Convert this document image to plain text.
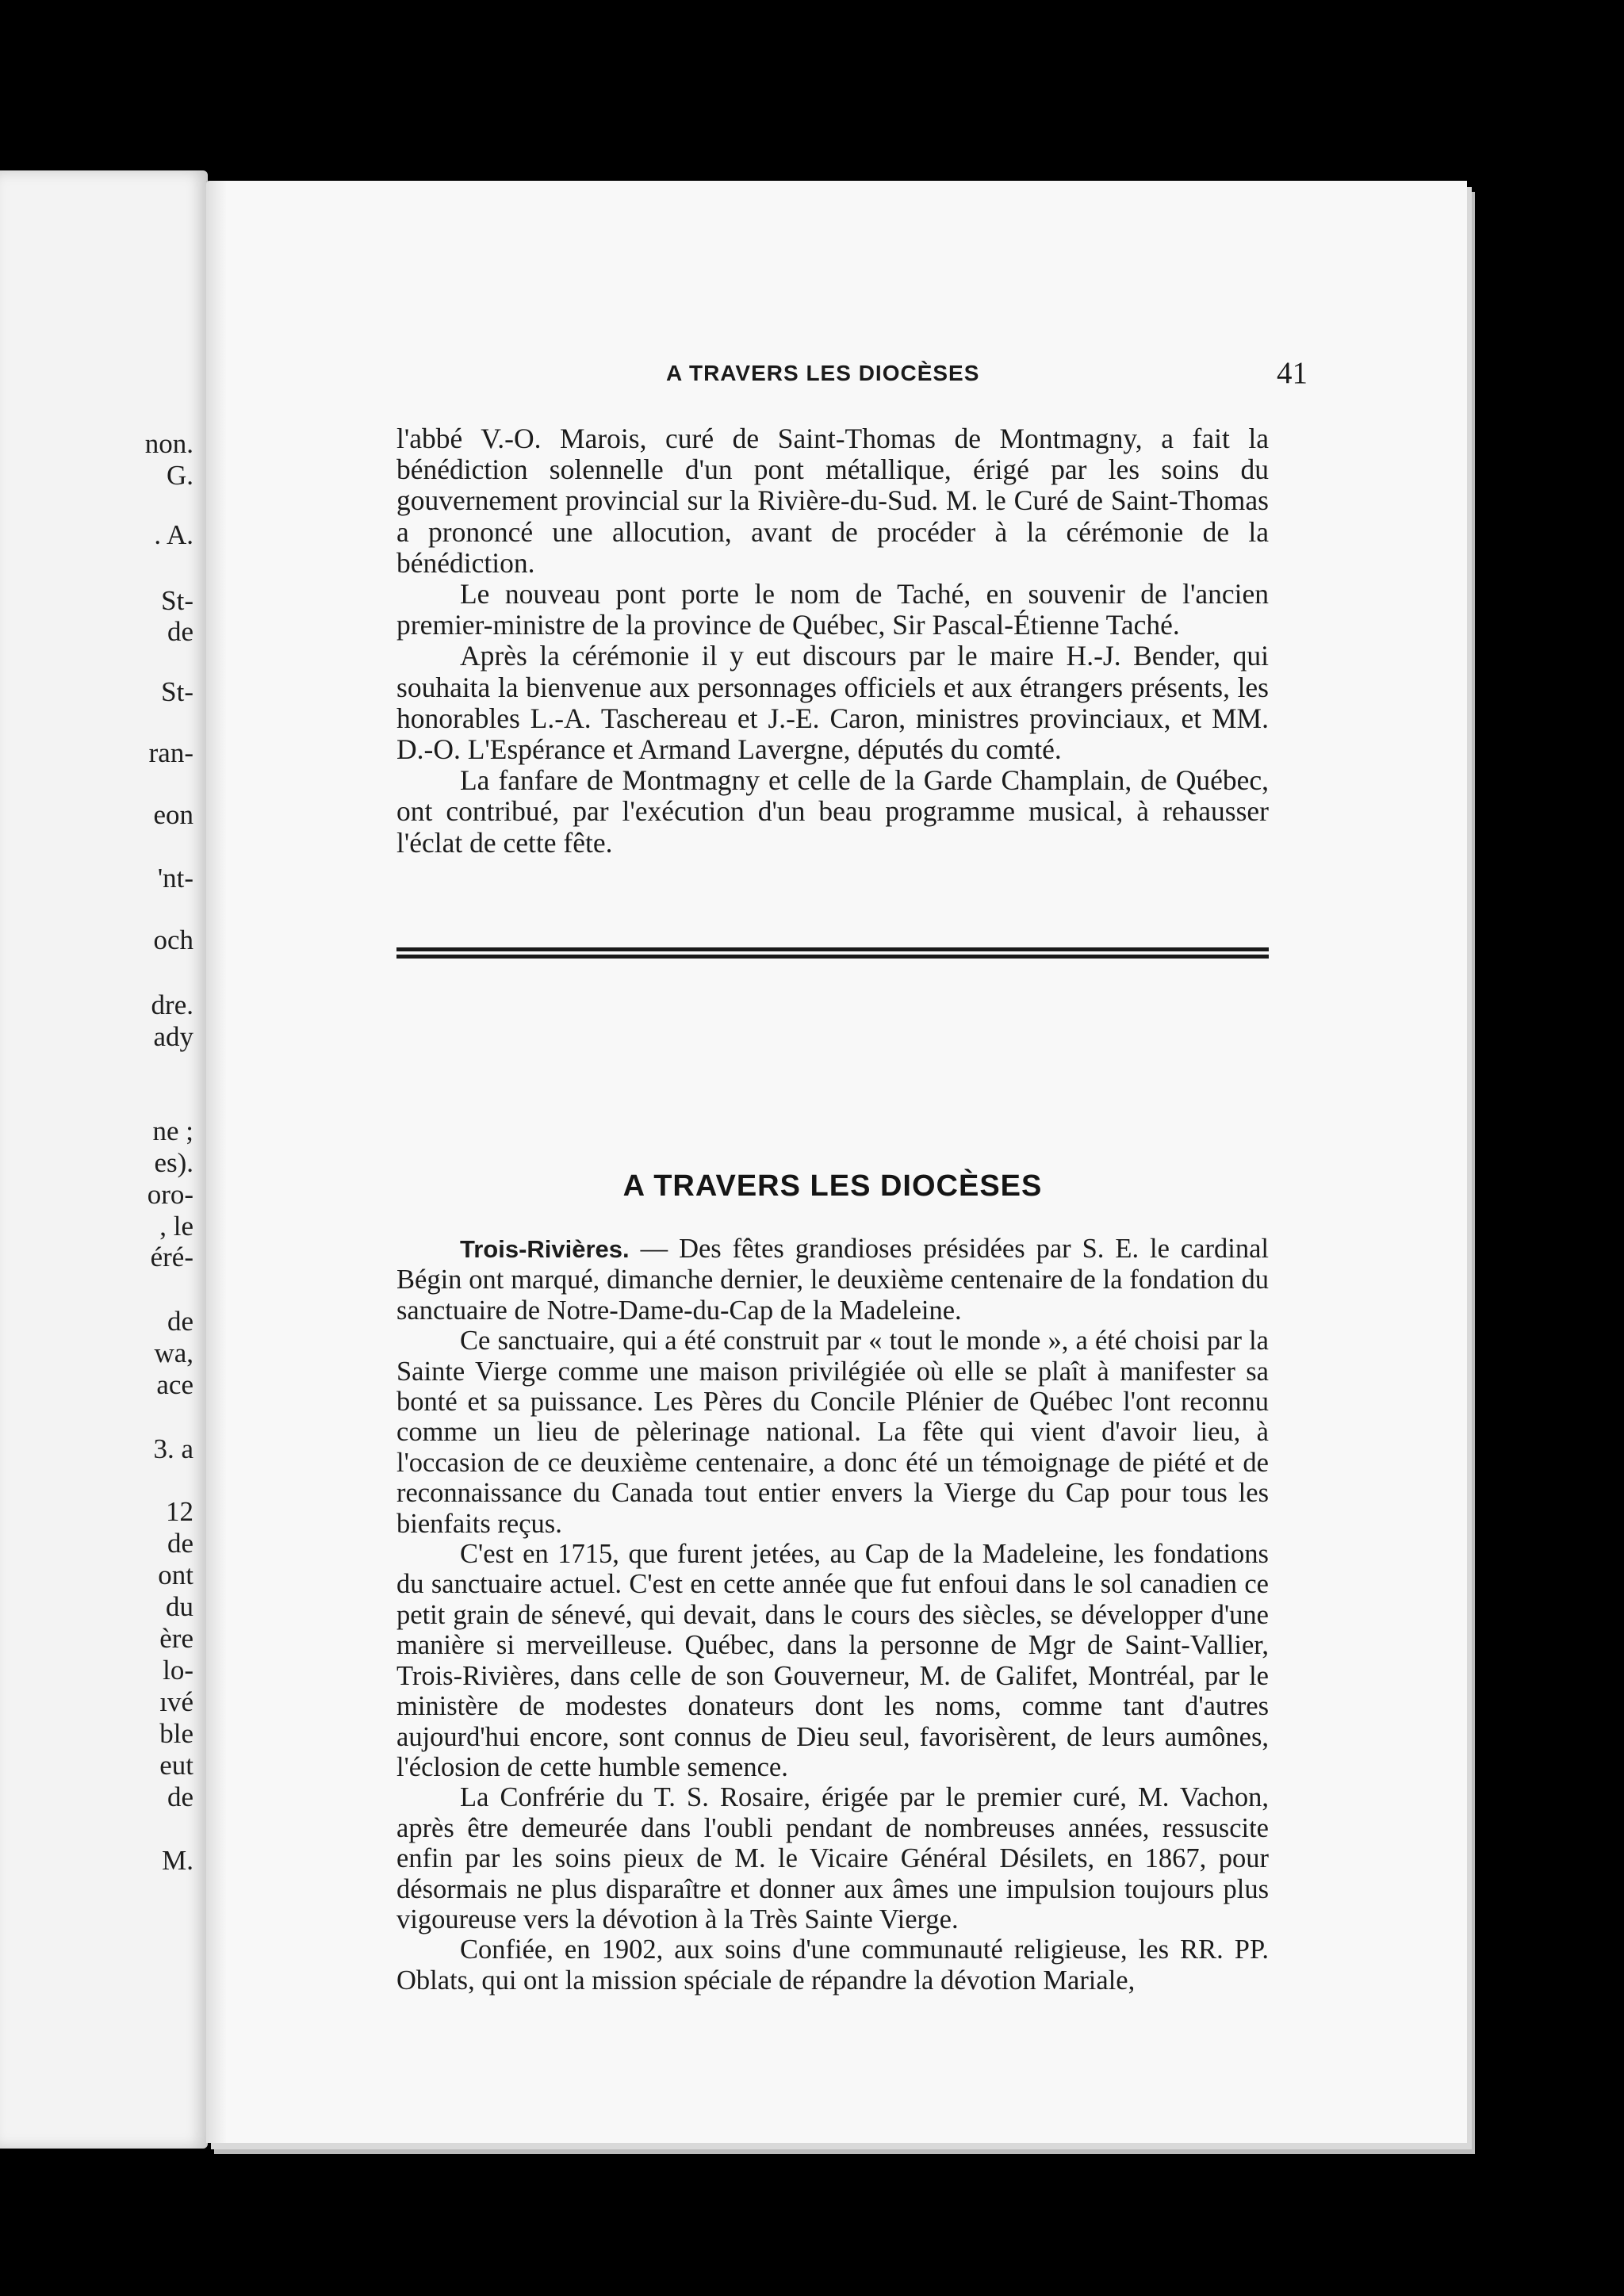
non.
G.
. A.
St-
de
St-
ran-
eon
'nt-
och
dre.
ady
ne ;
es).
oro-
, le
éré-
de
wa,
ace
3. a
12
de
ont
du
ère
lo-
ıvé
ble
eut
de
M.
A TRAVERS LES DIOCÈSES	41

l'abbé V.-O. Marois, curé de Saint-Thomas de Montmagny, a fait la bénédiction solennelle d'un pont métallique, érigé par les soins du gouvernement provincial sur la Rivière-du-Sud. M. le Curé de Saint-Thomas a prononcé une allocution, avant de procéder à la cérémonie de la bénédiction.

Le nouveau pont porte le nom de Taché, en souvenir de l'ancien premier-ministre de la province de Québec, Sir Pascal-Étienne Taché.

Après la cérémonie il y eut discours par le maire H.-J. Bender, qui souhaita la bienvenue aux personnages officiels et aux étrangers présents, les honorables L.-A. Taschereau et J.-E. Caron, ministres provinciaux, et MM. D.-O. L'Espérance et Armand Lavergne, députés du comté.

La fanfare de Montmagny et celle de la Garde Champlain, de Québec, ont contribué, par l'exécution d'un beau programme musical, à rehausser l'éclat de cette fête.

A TRAVERS LES DIOCÈSES

Trois-Rivières. — Des fêtes grandioses présidées par S. E. le cardinal Bégin ont marqué, dimanche dernier, le deuxième centenaire de la fondation du sanctuaire de Notre-Dame-du-Cap de la Madeleine.

Ce sanctuaire, qui a été construit par « tout le monde », a été choisi par la Sainte Vierge comme une maison privilégiée où elle se plaît à manifester sa bonté et sa puissance. Les Pères du Concile Plénier de Québec l'ont reconnu comme un lieu de pèlerinage national. La fête qui vient d'avoir lieu, à l'occasion de ce deuxième centenaire, a donc été un témoignage de piété et de reconnaissance du Canada tout entier envers la Vierge du Cap pour tous les bienfaits reçus.

C'est en 1715, que furent jetées, au Cap de la Madeleine, les fondations du sanctuaire actuel. C'est en cette année que fut enfoui dans le sol canadien ce petit grain de sénevé, qui devait, dans le cours des siècles, se développer d'une manière si merveilleuse. Québec, dans la personne de Mgr de Saint-Vallier, Trois-Rivières, dans celle de son Gouverneur, M. de Galifet, Montréal, par le ministère de modestes donateurs dont les noms, comme tant d'autres aujourd'hui encore, sont connus de Dieu seul, favorisèrent, de leurs aumônes, l'éclosion de cette humble semence.

La Confrérie du T. S. Rosaire, érigée par le premier curé, M. Vachon, après être demeurée dans l'oubli pendant de nombreuses années, ressuscite enfin par les soins pieux de M. le Vicaire Général Désilets, en 1867, pour désormais ne plus disparaître et donner aux âmes une impulsion toujours plus vigoureuse vers la dévotion à la Très Sainte Vierge.

Confiée, en 1902, aux soins d'une communauté religieuse, les RR. PP. Oblats, qui ont la mission spéciale de répandre la dévotion Mariale,
